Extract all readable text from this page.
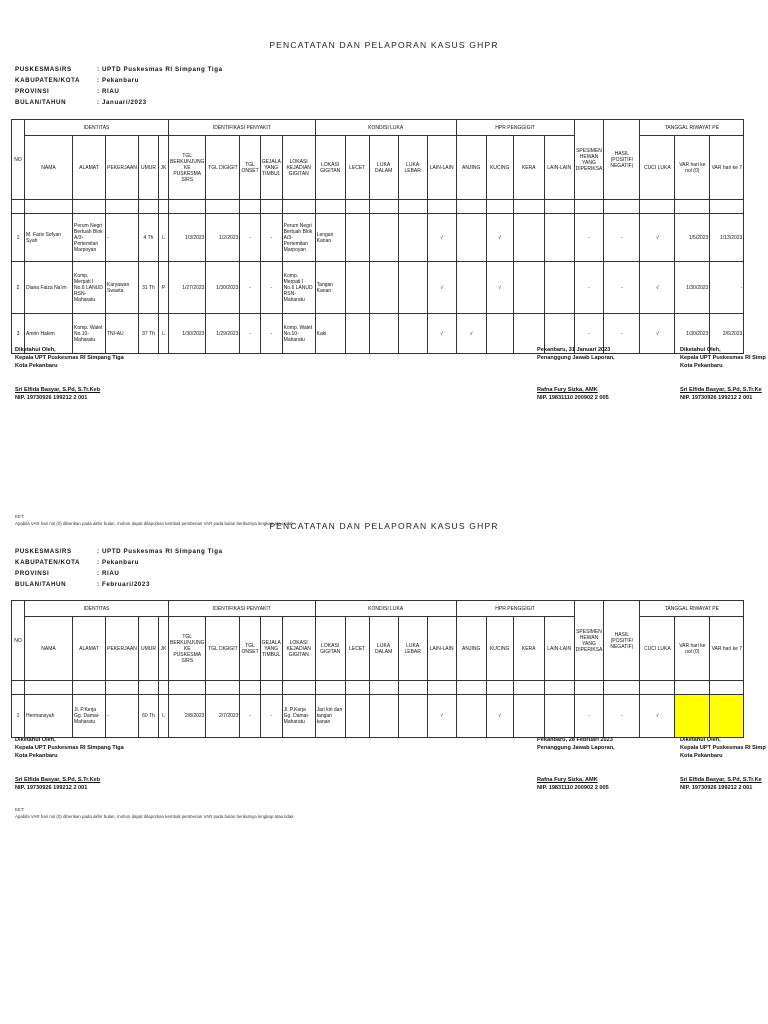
PENCATATAN DAN PELAPORAN KASUS GHPR
PUSKESMAS/RS	: UPTD Puskesmas RI Simpang Tiga
KABUPATEN/KOTA	: Pekanbaru
PROVINSI	: RIAU
BULAN/TAHUN	: Januari/2023
NO	IDENTITAS					IDENTIFIKASI PENYAKIT					KONDISI LUKA					HPR PENGGIGIT				SPESIMEN HEWAN YANG DIPERIKSA	HASIL (POSITIF/ NEGATIF)	TANGGAL RIWAYAT PE		
	NAMA	ALAMAT	PEKERJAAN	UMUR	JK	TGL BERKUNJUNG KE PUSKESMA S/RS	TGL DIGIGIT	TGL ONSET	GEJALA YANG TIMBUL	LOKASI KEJADIAN GIGITAN	LOKASI GIGITAN	LECET	LUKA DALAM	LUKA LEBAR	LAIN-LAIN	ANJING	KUCING	KERA	LAIN-LAIN			CUCI LUKA	VAR hari ke nol (0)	VAR hari ke 7

1	M. Faris Sofyan Syah	Perum Negri Bertuah Blok A/3-Pertemitan Marpoyan	-	4 Th	L	1/3/2023	1/2/2023	-	-	Perum Negri Bertuah Blok A/3-Pertemitan Marpoyan	Lengan Kanan				√		√			-	-	√	1/5/2023	1/13/2023
2	Diana Faiza Na'im	Komp. Merpati I No.6 LANUD RSN-Maharatu	Karyawan Swasta	31 Th	P	1/27/2023	1/30/2023	-	-	Komp. Merpati I No.6 LANUD RSN-Maharatu	Tangan Kanan				√		√			-	-	√	1/30/2023	-
3	Amrin Hakim	Komp. Walet No.10-Maharatu	TNI-AU	37 Th	L	1/30/2023	1/29/2023	-	-	Komp. Walet No.10-Maharatu	Kaki				√	√				-	-	√	1/30/2023	2/6/2023
Diketahui Oleh,
Kepala UPT Puskesmas RI Simpang Tiga
Kota Pekanbaru
Sri Elfida Basyar, S.Pd, S.Tr.Keb
NIP. 19730926 199212 2 001
Pekanbaru, 31 Januari 2023
Penanggung Jawab Laporan,
Rafna Fury Sizka, AMK
NIP. 19831110 200902 2 005
Diketahui Oleh,
Kepala UPT Puskesmas RI Simp
Kota Pekanbaru
Sri Elfida Basyar, S.Pd, S.Tr.Ke
NIP. 19730926 199212 2 001
KET:
Apabila VAR hari nol (0) diberikan pada akhir bulan, mohon dapat dilaporkan kembali pemberian VAR pada bulan berikutnya lengkap atau tidak
PENCATATAN DAN PELAPORAN KASUS GHPR
PUSKESMAS/RS	: UPTD Puskesmas RI Simpang Tiga
KABUPATEN/KOTA	: Pekanbaru
PROVINSI	: RIAU
BULAN/TAHUN	: Februari/2023
NO	IDENTITAS					IDENTIFIKASI PENYAKIT					KONDISI LUKA					HPR PENGGIGIT				SPESIMEN HEWAN YANG DIPERIKSA	HASIL (POSITIF/ NEGATIF)	TANGGAL RIWAYAT PE		
	NAMA	ALAMAT	PEKERJAAN	UMUR	JK	TGL BERKUNJUNG KE PUSKESMA S/RS	TGL DIGIGIT	TGL ONSET	GEJALA YANG TIMBUL	LOKASI KEJADIAN GIGITAN	LOKASI GIGITAN	LECET	LUKA DALAM	LUKA LEBAR	LAIN-LAIN	ANJING	KUCING	KERA	LAIN-LAIN			CUCI LUKA	VAR hari ke nol (0)	VAR hari ke 7

1	Hermansyah	Jl. P.Kerja Gg. Damai-Maharatu	-	60 Th	L	2/8/2023	2/7/2023	-	-	Jl. P.Kerja Gg. Damai-Maharatu	Jari kiri dan tangan kanan				√		√			-	-	√		
Diketahui Oleh,
Kepala UPT Puskesmas RI Simpang Tiga
Kota Pekanbaru
Sri Elfida Basyar, S.Pd, S.Tr.Keb
NIP. 19730926 199212 2 001
Pekanbaru, 28 Februari 2023
Penanggung Jawab Laporan,
Rafna Fury Sizka, AMK
NIP. 19831110 200902 2 005
Diketahui Oleh,
Kepala UPT Puskesmas RI Simp
Kota Pekanbaru
Sri Elfida Basyar, S.Pd, S.Tr.Ke
NIP. 19730926 199212 2 001
KET:
Apabila VAR hari nol (0) diberikan pada akhir bulan, mohon dapat dilaporkan kembali pemberian VAR pada bulan berikutnya lengkap atau tidak
